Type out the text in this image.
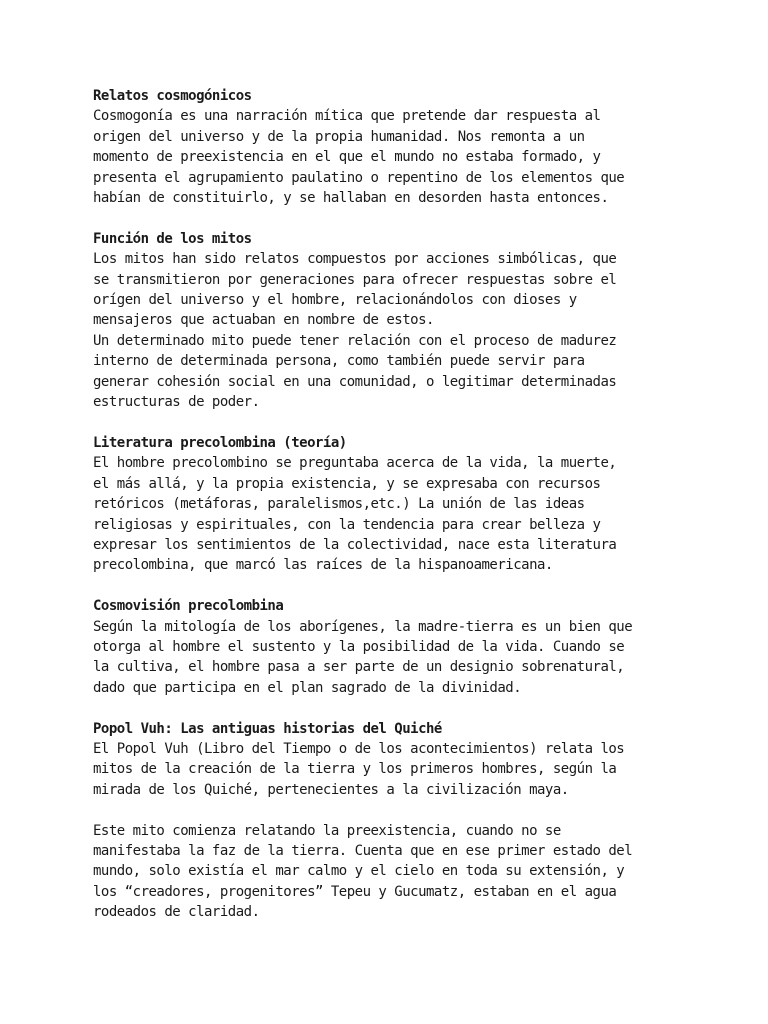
Relatos cosmogónicos

Cosmogonía es una narración mítica que pretende dar respuesta al
origen del universo y de la propia humanidad. Nos remonta a un
momento de preexistencia en el que el mundo no estaba formado, y
presenta el agrupamiento paulatino o repentino de los elementos que
habían de constituirlo, y se hallaban en desorden hasta entonces.

Función de los mitos

Los mitos han sido relatos compuestos por acciones simbólicas, que
se transmitieron por generaciones para ofrecer respuestas sobre el
orígen del universo y el hombre, relacionándolos con dioses y
mensajeros que actuaban en nombre de estos.

Un determinado mito puede tener relación con el proceso de madurez
interno de determinada persona, como también puede servir para
generar cohesión social en una comunidad, o legitimar determinadas
estructuras de poder.

Literatura precolombina (teoría)

El hombre precolombino se preguntaba acerca de la vida, la muerte,
el más allá, y la propia existencia, y se expresaba con recursos
retóricos (metáforas, paralelismos,etc.) La unión de las ideas
religiosas y espirituales, con la tendencia para crear belleza y
expresar los sentimientos de la colectividad, nace esta literatura
precolombina, que marcó las raíces de la hispanoamericana.

Cosmovisión precolombina

Según la mitología de los aborígenes, la madre-tierra es un bien que
otorga al hombre el sustento y la posibilidad de la vida. Cuando se
la cultiva, el hombre pasa a ser parte de un designio sobrenatural,
dado que participa en el plan sagrado de la divinidad.

Popol Vuh: Las antiguas historias del Quiché

El Popol Vuh (Libro del Tiempo o de los acontecimientos) relata los
mitos de la creación de la tierra y los primeros hombres, según la
mirada de los Quiché, pertenecientes a la civilización maya.

Este mito comienza relatando la preexistencia, cuando no se
manifestaba la faz de la tierra. Cuenta que en ese primer estado del
mundo, solo existía el mar calmo y el cielo en toda su extensión, y
los “creadores, progenitores” Tepeu y Gucumatz, estaban en el agua
rodeados de claridad.
